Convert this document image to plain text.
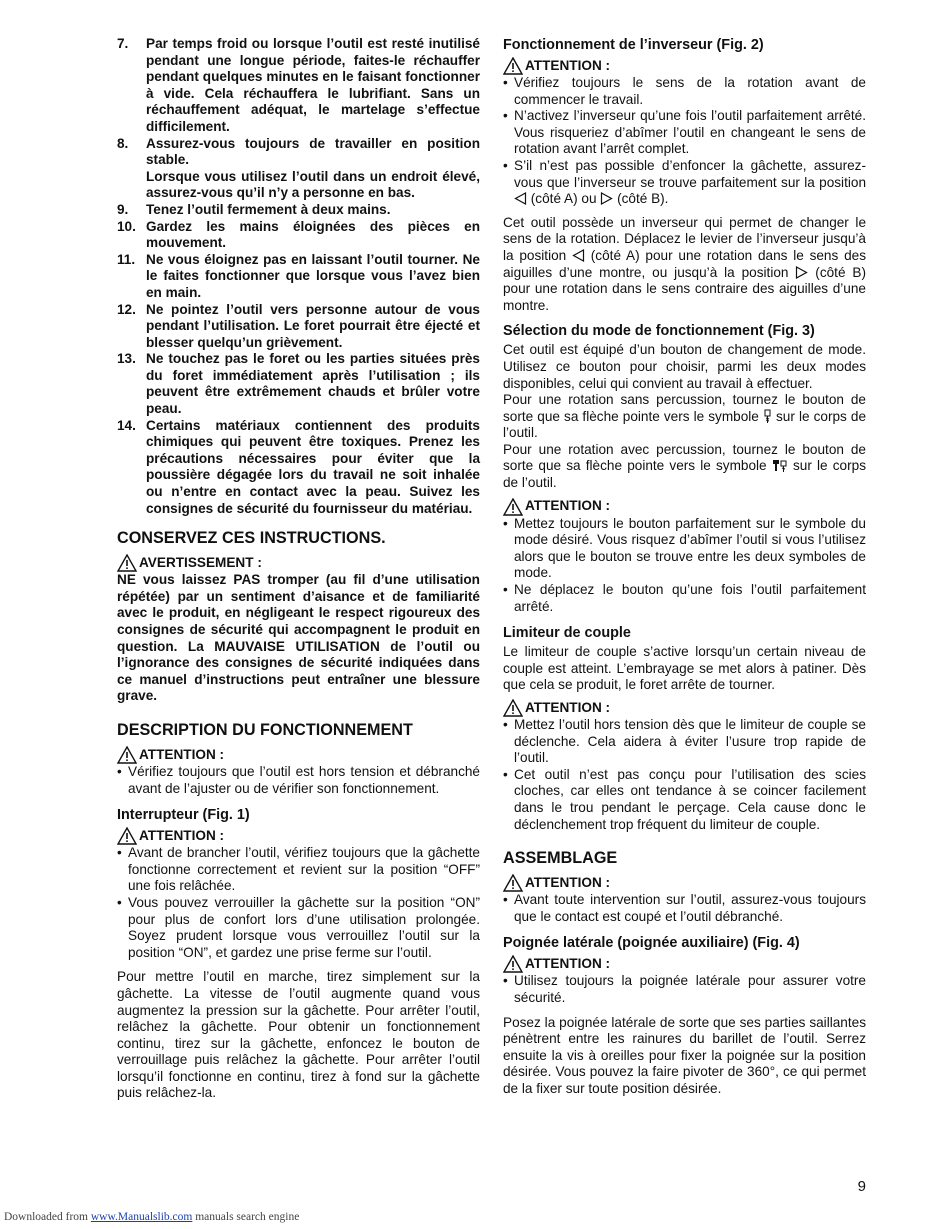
7.	Par temps froid ou lorsque l’outil est resté inutilisé pendant une longue période, faites-le réchauffer pendant quelques minutes en le faisant fonctionner à vide. Cela réchauffera le lubrifiant. Sans un réchauffement adéquat, le martelage s’effectue difficilement.
8.	Assurez-vous toujours de travailler en position stable.
Lorsque vous utilisez l’outil dans un endroit élevé, assurez-vous qu’il n’y a personne en bas.
9.	Tenez l’outil fermement à deux mains.
10. Gardez les mains éloignées des pièces en mouvement.
11. Ne vous éloignez pas en laissant l’outil tourner. Ne le faites fonctionner que lorsque vous l’avez bien en main.
12. Ne pointez l’outil vers personne autour de vous pendant l’utilisation. Le foret pourrait être éjecté et blesser quelqu’un grièvement.
13. Ne touchez pas le foret ou les parties situées près du foret immédiatement après l’utilisation ; ils peuvent être extrêmement chauds et brûler votre peau.
14. Certains matériaux contiennent des produits chimiques qui peuvent être toxiques. Prenez les précautions nécessaires pour éviter que la poussière dégagée lors du travail ne soit inhalée ou n’entre en contact avec la peau. Suivez les consignes de sécurité du fournisseur du matériau.
CONSERVEZ CES INSTRUCTIONS.
AVERTISSEMENT :
NE vous laissez PAS tromper (au fil d’une utilisation répétée) par un sentiment d’aisance et de familiarité avec le produit, en négligeant le respect rigoureux des consignes de sécurité qui accompagnent le produit en question. La MAUVAISE UTILISATION de l’outil ou l’ignorance des consignes de sécurité indiquées dans ce manuel d’instructions peut entraîner une blessure grave.
DESCRIPTION DU FONCTIONNEMENT
ATTENTION :
• Vérifiez toujours que l’outil est hors tension et débranché avant de l’ajuster ou de vérifier son fonctionnement.
Interrupteur (Fig. 1)
ATTENTION :
• Avant de brancher l’outil, vérifiez toujours que la gâchette fonctionne correctement et revient sur la position “OFF” une fois relâchée.
• Vous pouvez verrouiller la gâchette sur la position “ON” pour plus de confort lors d’une utilisation prolongée. Soyez prudent lorsque vous verrouillez l’outil sur la position “ON”, et gardez une prise ferme sur l’outil.
Pour mettre l’outil en marche, tirez simplement sur la gâchette. La vitesse de l’outil augmente quand vous augmentez la pression sur la gâchette. Pour arrêter l’outil, relâchez la gâchette. Pour obtenir un fonctionnement continu, tirez sur la gâchette, enfoncez le bouton de verrouillage puis relâchez la gâchette. Pour arrêter l’outil lorsqu’il fonctionne en continu, tirez à fond sur la gâchette puis relâchez-la.
Fonctionnement de l’inverseur (Fig. 2)
ATTENTION :
• Vérifiez toujours le sens de la rotation avant de commencer le travail.
• N’activez l’inverseur qu’une fois l’outil parfaitement arrêté. Vous risqueriez d’abîmer l’outil en changeant le sens de rotation avant l’arrêt complet.
• S’il n’est pas possible d’enfoncer la gâchette, assurez-vous que l’inverseur se trouve parfaitement sur la position  (côté A) ou (côté B).
Cet outil possède un inverseur qui permet de changer le sens de la rotation. Déplacez le levier de l’inverseur jusqu’à la position (côté A) pour une rotation dans le sens des aiguilles d’une montre, ou jusqu’à la position (côté B) pour une rotation dans le sens contraire des aiguilles d’une montre.
Sélection du mode de fonctionnement (Fig. 3)
Cet outil est équipé d’un bouton de changement de mode. Utilisez ce bouton pour choisir, parmi les deux modes disponibles, celui qui convient au travail à effectuer.
Pour une rotation sans percussion, tournez le bouton de sorte que sa flèche pointe vers le symbole sur le corps de l’outil.
Pour une rotation avec percussion, tournez le bouton de sorte que sa flèche pointe vers le symbole sur le corps de l’outil.
ATTENTION :
• Mettez toujours le bouton parfaitement sur le symbole du mode désiré. Vous risquez d’abîmer l’outil si vous l’utilisez alors que le bouton se trouve entre les deux symboles de mode.
• Ne déplacez le bouton qu’une fois l’outil parfaitement arrêté.
Limiteur de couple
Le limiteur de couple s’active lorsqu’un certain niveau de couple est atteint. L’embrayage se met alors à patiner. Dès que cela se produit, le foret arrête de tourner.
ATTENTION :
• Mettez l’outil hors tension dès que le limiteur de couple se déclenche. Cela aidera à éviter l’usure trop rapide de l’outil.
• Cet outil n’est pas conçu pour l’utilisation des scies cloches, car elles ont tendance à se coincer facilement dans le trou pendant le perçage. Cela cause donc le déclenchement trop fréquent du limiteur de couple.
ASSEMBLAGE
ATTENTION :
• Avant toute intervention sur l’outil, assurez-vous toujours que le contact est coupé et l’outil débranché.
Poignée latérale (poignée auxiliaire) (Fig. 4)
ATTENTION :
• Utilisez toujours la poignée latérale pour assurer votre sécurité.
Posez la poignée latérale de sorte que ses parties saillantes pénètrent entre les rainures du barillet de l’outil. Serrez ensuite la vis à oreilles pour fixer la poignée sur la position désirée. Vous pouvez la faire pivoter de 360°, ce qui permet de la fixer sur toute position désirée.
9
Downloaded from www.Manualslib.com manuals search engine
